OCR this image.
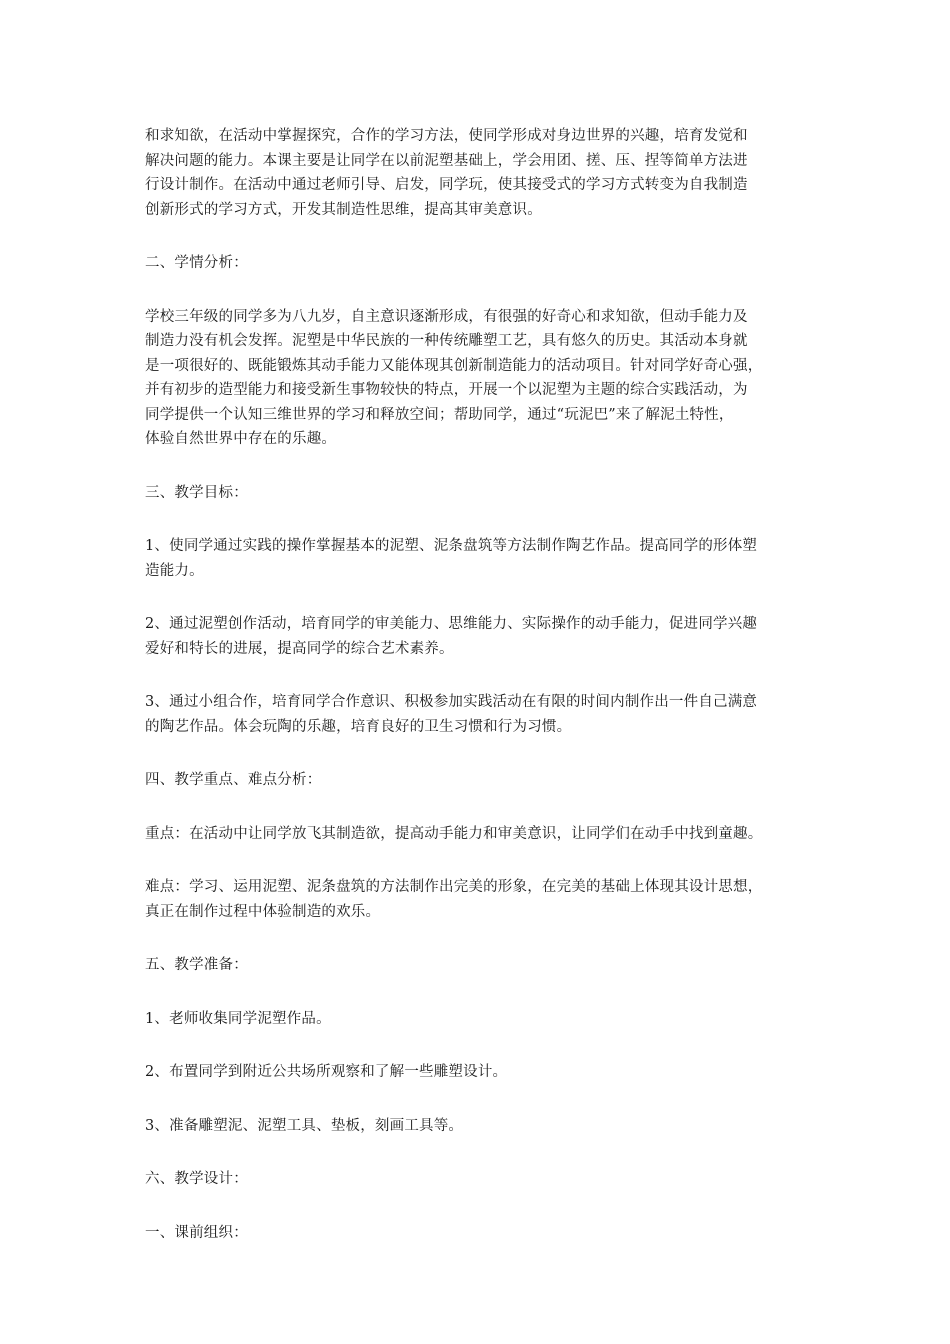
和求知欲，在活动中掌握探究，合作的学习方法，使同学形成对身边世界的兴趣，培育发觉和
解决问题的能力。本课主要是让同学在以前泥塑基础上，学会用团、搓、压、捏等简单方法进
行设计制作。在活动中通过老师引导、启发，同学玩，使其接受式的学习方式转变为自我制造
创新形式的学习方式，开发其制造性思维，提高其审美意识。

二、学情分析：

学校三年级的同学多为八九岁，自主意识逐渐形成，有很强的好奇心和求知欲，但动手能力及
制造力没有机会发挥。泥塑是中华民族的一种传统雕塑工艺，具有悠久的历史。其活动本身就
是一项很好的、既能锻炼其动手能力又能体现其创新制造能力的活动项目。针对同学好奇心强，
并有初步的造型能力和接受新生事物较快的特点，开展一个以泥塑为主题的综合实践活动，为
同学提供一个认知三维世界的学习和释放空间；帮助同学，通过“玩泥巴”来了解泥土特性，
体验自然世界中存在的乐趣。

三、教学目标：

1、使同学通过实践的操作掌握基本的泥塑、泥条盘筑等方法制作陶艺作品。提高同学的形体塑
造能力。

2、通过泥塑创作活动，培育同学的审美能力、思维能力、实际操作的动手能力，促进同学兴趣
爱好和特长的进展，提高同学的综合艺术素养。

3、通过小组合作，培育同学合作意识、积极参加实践活动在有限的时间内制作出一件自己满意
的陶艺作品。体会玩陶的乐趣，培育良好的卫生习惯和行为习惯。

四、教学重点、难点分析：

重点：在活动中让同学放飞其制造欲，提高动手能力和审美意识，让同学们在动手中找到童趣。

难点：学习、运用泥塑、泥条盘筑的方法制作出完美的形象，在完美的基础上体现其设计思想，
真正在制作过程中体验制造的欢乐。

五、教学准备：

1、老师收集同学泥塑作品。

2、布置同学到附近公共场所观察和了解一些雕塑设计。

3、准备雕塑泥、泥塑工具、垫板，刻画工具等。

六、教学设计：

一、课前组织：
